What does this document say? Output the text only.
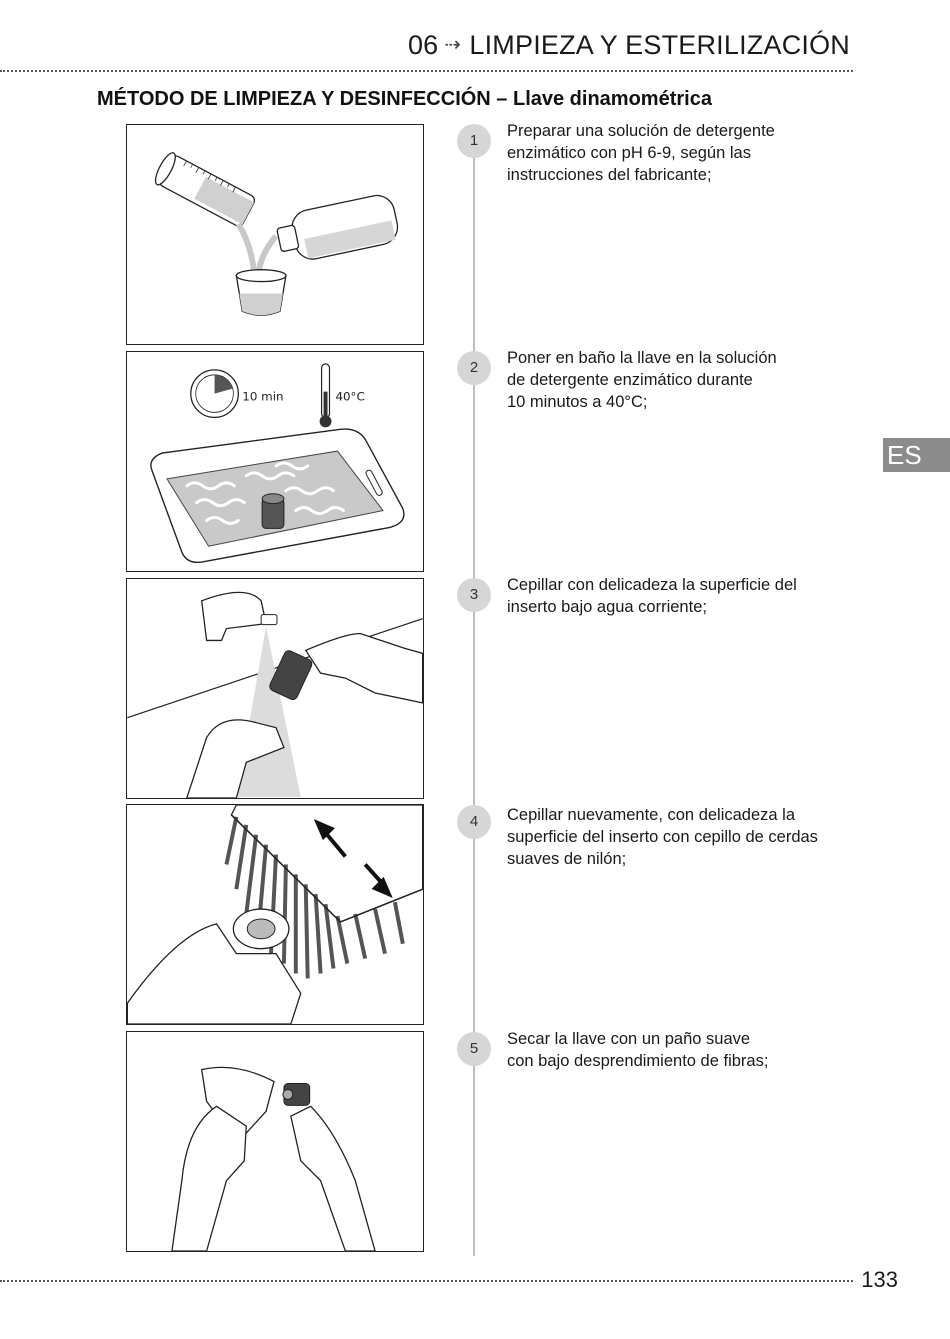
06 ⇢ LIMPIEZA Y ESTERILIZACIÓN
MÉTODO DE LIMPIEZA Y DESINFECCIÓN – Llave dinamométrica
10 min	40°C
1
Preparar una solución de detergente
enzimático con pH 6-9, según las
instrucciones del fabricante;
2
Poner en baño la llave en la solución
de detergente enzimático durante
10 minutos a 40°C;
3
Cepillar con delicadeza la superficie del
inserto bajo agua corriente;
4	Cepillar nuevamente, con delicadeza la
superficie del inserto con cepillo de cerdas
suaves de nilón;
5
Secar la llave con un paño suave
con bajo desprendimiento de fibras;
ES
133
